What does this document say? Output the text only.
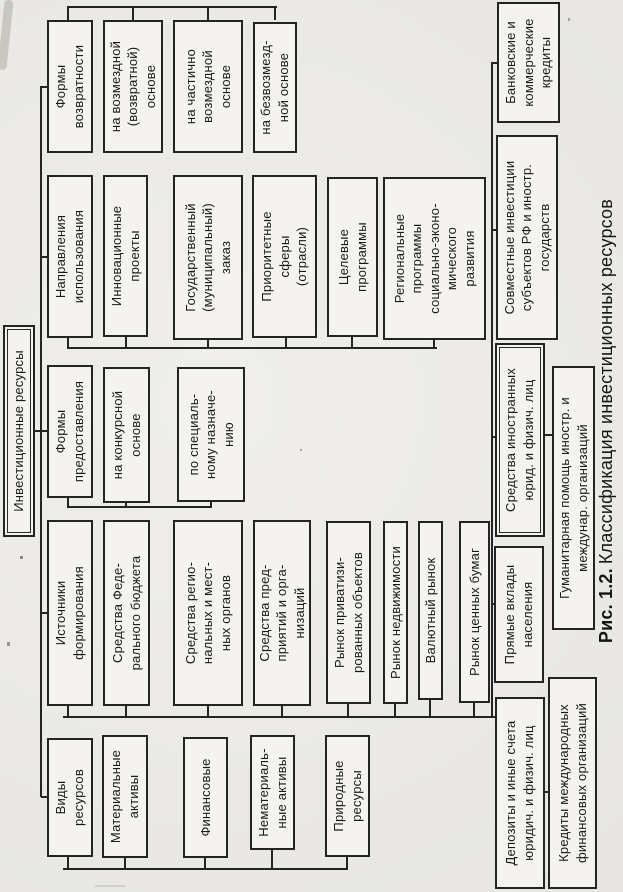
Рис. 1.2.Классификация инвестиционных ресурсов
Инвестиционные ресурсы
Виды
ресурсов	Материальные
активы	Финансовые	Нематериаль-
ные активы	Природные
ресурсы
Источники
формирования	Средства Феде-
рального бюджета
Средства регио-
нальных и мест-
ных органов
Средства пред-
приятий и орга-
низаций
Рынок приватизи-
рованных объектов	Рынок недвижимости	Валютный рынок	Рынок ценных бумаг
Депозиты и иные счета
юридич. и физич. лиц
Кредиты международных
финансовых организаций
Прямые вклады
населения
Средства иностранных
юрид. и физич. лиц
Гуманитарная помощь иностр. и
междунар. организаций
Совместные инвестиции
субъектов РФ и иностр.
государств
Банковские и
коммерческие
кредиты
Формы
предоставления	на конкурсной
основе
по специаль-
ному назначе-
нию
Направления
использования	Инновационные
проекты	Государственный
(муниципальный)
заказ	Приоритетные
сферы
(отрасли)	Целевые
программы	Региональные
программы
социально-эконо-
мического
развития
Формы
возвратности	на возмездной
(возвратной)
основе
на частично
возмездной
основе
на безвозмезд-
ной основе
